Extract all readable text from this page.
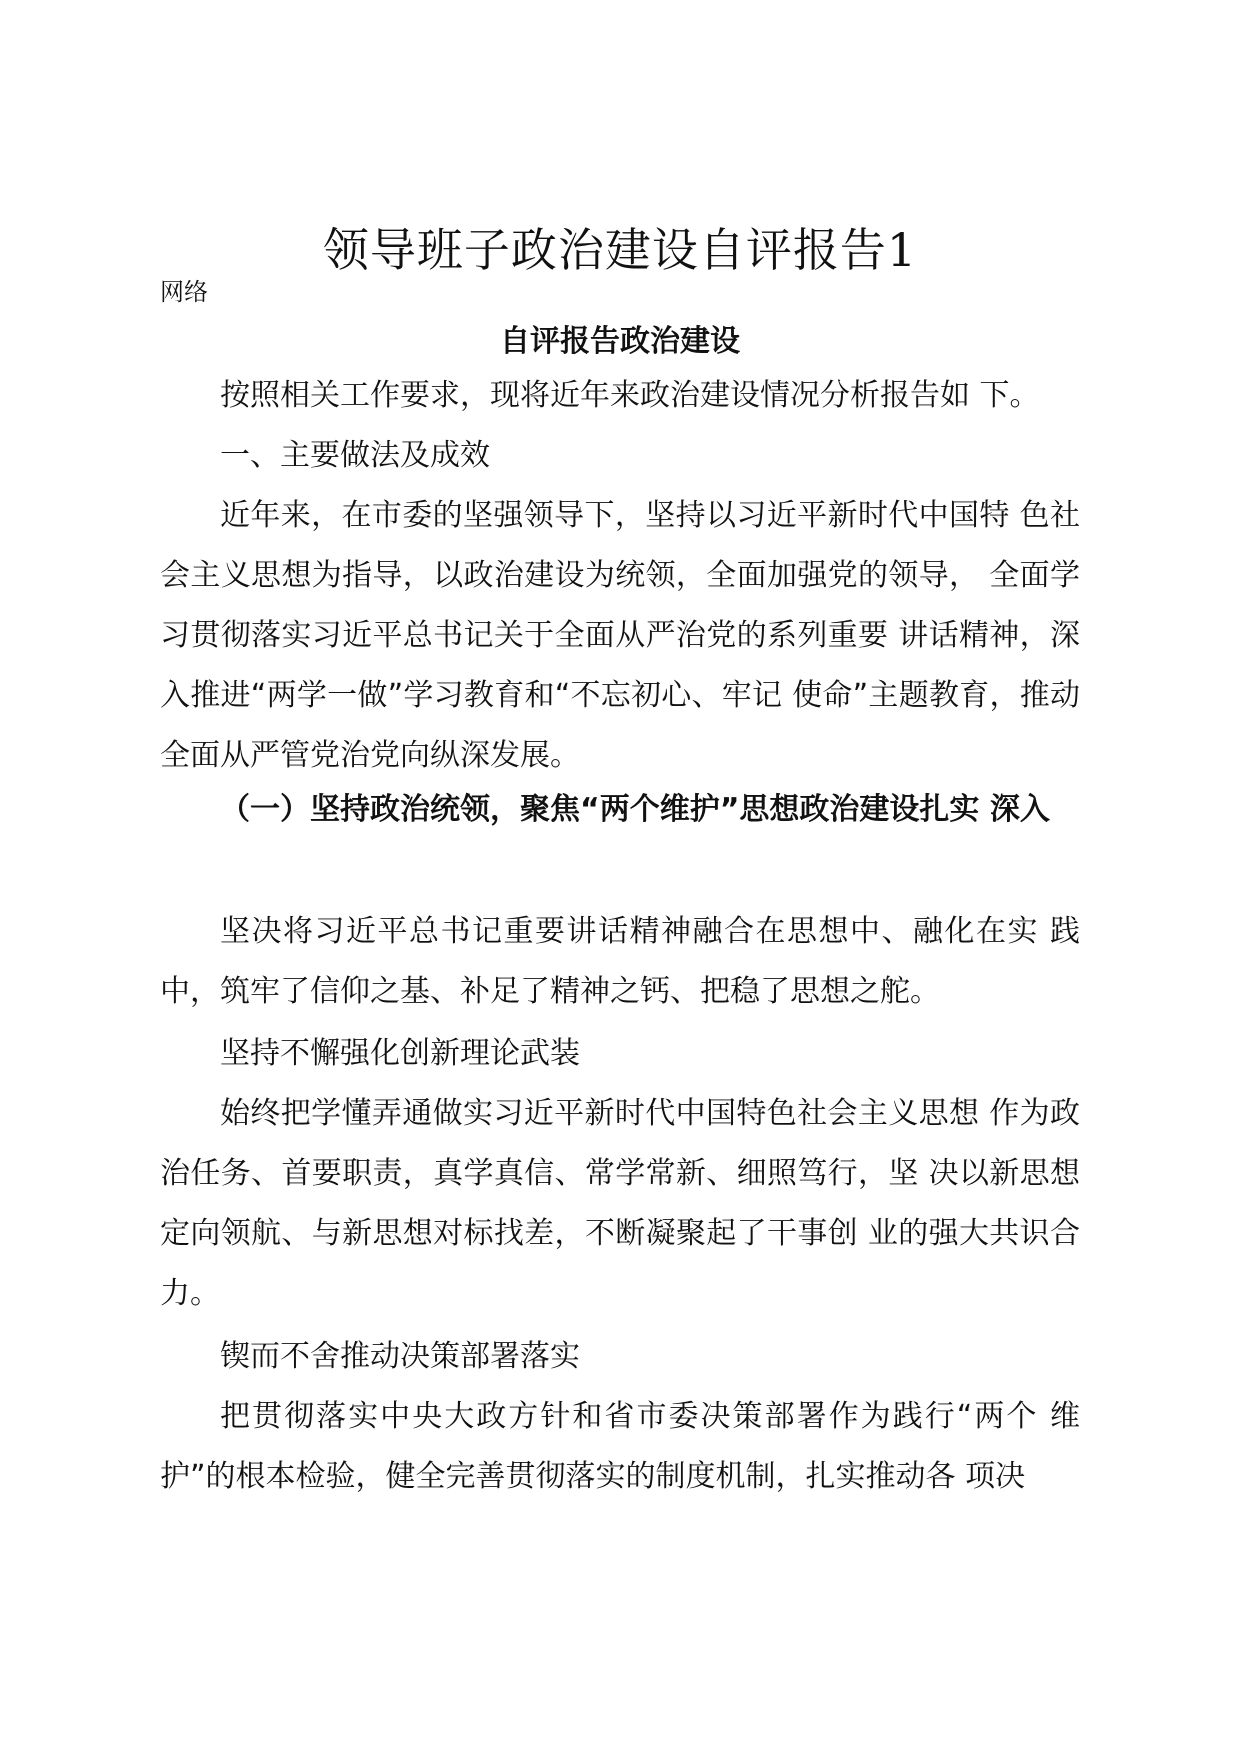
领导班子政治建设自评报告1
网络
自评报告政治建设

按照相关工作要求，现将近年来政治建设情况分析报告如 下。

一、主要做法及成效

近年来，在市委的坚强领导下，坚持以习近平新时代中国特 色社会主义思想为指导，以政治建设为统领，全面加强党的领导， 全面学习贯彻落实习近平总书记关于全面从严治党的系列重要 讲话精神，深入推进“两学一做”学习教育和“不忘初心、牢记 使命”主题教育，推动全面从严管党治党向纵深发展。

（一）坚持政治统领，聚焦“两个维护”思想政治建设扎实 深入

坚决将习近平总书记重要讲话精神融合在思想中、融化在实 践中，筑牢了信仰之基、补足了精神之钙、把稳了思想之舵。

坚持不懈强化创新理论武装

始终把学懂弄通做实习近平新时代中国特色社会主义思想 作为政治任务、首要职责，真学真信、常学常新、细照笃行，坚 决以新思想定向领航、与新思想对标找差，不断凝聚起了干事创 业的强大共识合力。

锲而不舍推动决策部署落实

把贯彻落实中央大政方针和省市委决策部署作为践行“两个 维护”的根本检验，健全完善贯彻落实的制度机制，扎实推动各 项决
